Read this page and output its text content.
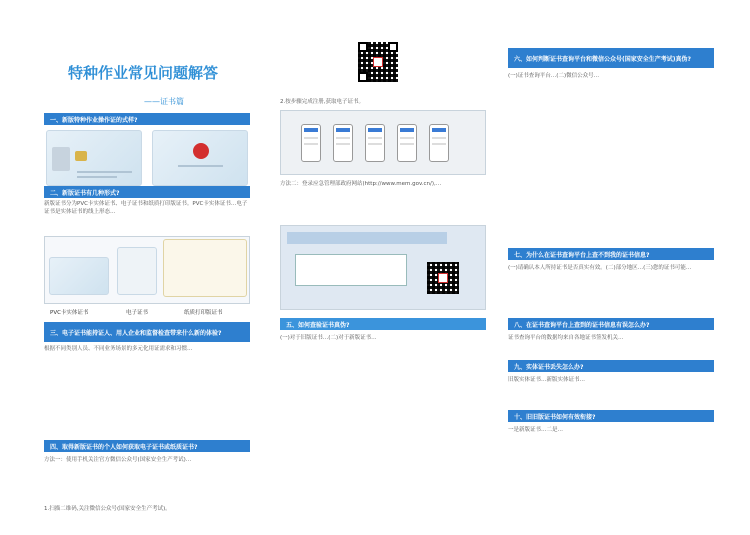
特种作业常见问题解答
——证书篇
一、新版特种作业操作证的式样?
二、新版证书有几种形式?
新版证书分为PVC卡实体证书、电子证书和纸质打印版证书。PVC卡实体证书…电子证书是实体证书的线上形态…
PVC卡实体证书	电子证书	纸质打印版证书
三、电子证书能持证人、用人企业和监督检查带来什么新的体验?
根据不同类别人员、不同业务场景的多元化用证需求和习惯…
四、取得新版证书的个人如何获取电子证书或纸质证书?
方法一：使用手机关注官方微信公众号(国家安全生产考试)…
1.扫描二维码,关注微信公众号(国家安全生产考试)。
2.按步骤完成注册,获取电子证书。
方法二：登录应急管理部政府网站(http://www.mem.gov.cn/),…
五、如何查验证书真伪?
(一)对于旧版证书…(二)对于新版证书…
六、如何判断证书查询平台和微信公众号(国家安全生产考试)真伪?
(一)证书查询平台…(二)微信公众号…
七、为什么在证书查询平台上查不到我的证书信息?
(一)请确认本人所持证书是否真实有效。(二)部分地区…(三)您的证书可能…
八、在证书查询平台上查到的证书信息有误怎么办?
证书查询平台的数据均来自各地证书签发机关…
九、实体证书丢失怎么办?
旧版实体证书…新版实体证书…
十、旧旧版证书如何有效衔接?
一是新版证书…二是…
